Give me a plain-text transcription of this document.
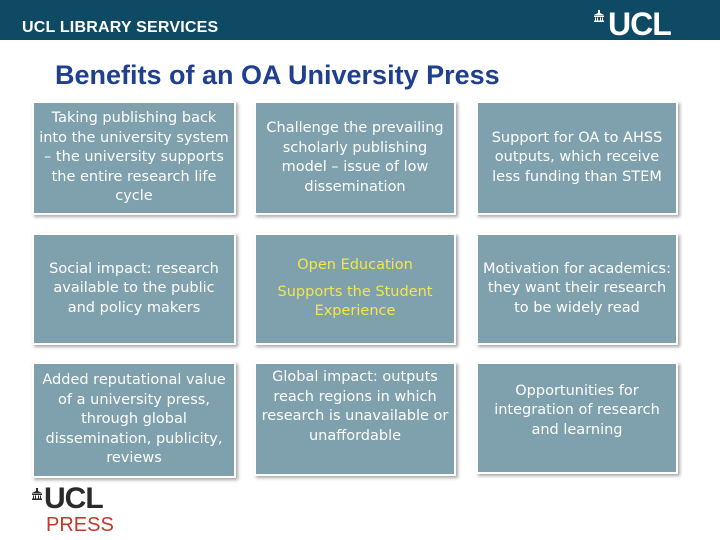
UCL LIBRARY SERVICES	UCL
Benefits of an OA University Press
Taking publishing back into the university system – the university supports the entire research life cycle
Challenge the prevailing scholarly publishing model – issue of low dissemination
Support for OA to AHSS outputs, which receive less funding than STEM
Social impact: research available to the public and policy makers
Open Education
Supports the Student Experience
Motivation for academics: they want their research to be widely read
Added reputational value of a university press, through global dissemination, publicity, reviews
Global impact: outputs reach regions in which research is unavailable or unaffordable
Opportunities for integration of research and learning
UCL
PRESS
